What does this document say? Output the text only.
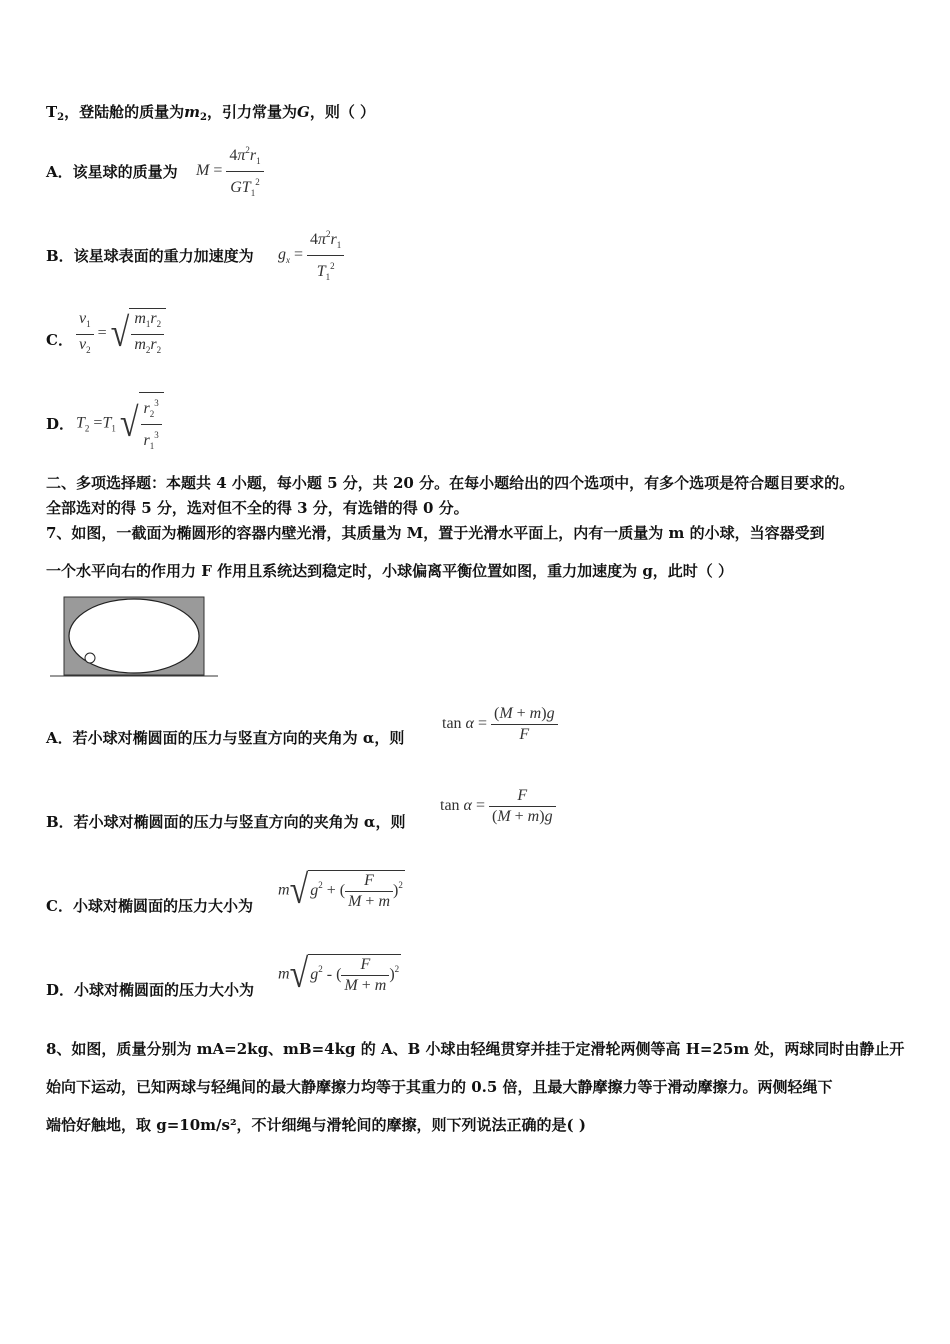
$T_2$，登陆舱的质量为$m_2$，引力常量为G，则（ ）
A．该星球的质量为 $M = \frac{4\pi^2r_1}{GT_1^2}$
B．该星球表面的重力加速度为 $g_x = \frac{4\pi^2r_1}{T_1^2}$
C． $\frac{v_1}{v_2}$ = √ $\frac{m_1r_2}{m_2r_2}$
D． $T_2 =T_1$ √ $\frac{r_2^3}{r_1^3}$
二、多项选择题：本题共 4 小题，每小题 5 分，共 20 分。在每小题给出的四个选项中，有多个选项是符合题目要求的。
全部选对的得 5 分，选对但不全的得 3 分，有选错的得 0 分。
7、如图，一截面为椭圆形的容器内壁光滑，其质量为 M，置于光滑水平面上，内有一质量为 m 的小球，当容器受到
一个水平向右的作用力 F 作用且系统达到稳定时，小球偏离平衡位置如图，重力加速度为 g，此时（ ）
A．若小球对椭圆面的压力与竖直方向的夹角为 α，则
$\tan \alpha = \frac{(M + m)g}{F}$
B．若小球对椭圆面的压力与竖直方向的夹角为 α，则
$\tan \alpha = \frac{F}{(M + m)g}$
C．小球对椭圆面的压力大小为
m√ $g^2$ + ( $\frac{F}{M + m} )^2$
D．小球对椭圆面的压力大小为
m√ $g^2$ - ( $\frac{F}{M + m} )^2$
8、如图，质量分别为 mA=2kg、mB=4kg 的 A、B 小球由轻绳贯穿并挂于定滑轮两侧等高 H=25m 处，两球同时由静止开
始向下运动，已知两球与轻绳间的最大静摩擦力均等于其重力的 0.5 倍，且最大静摩擦力等于滑动摩擦力。两侧轻绳下
端恰好触地，取 g=10m/s²，不计细绳与滑轮间的摩擦，则下列说法正确的是( )
